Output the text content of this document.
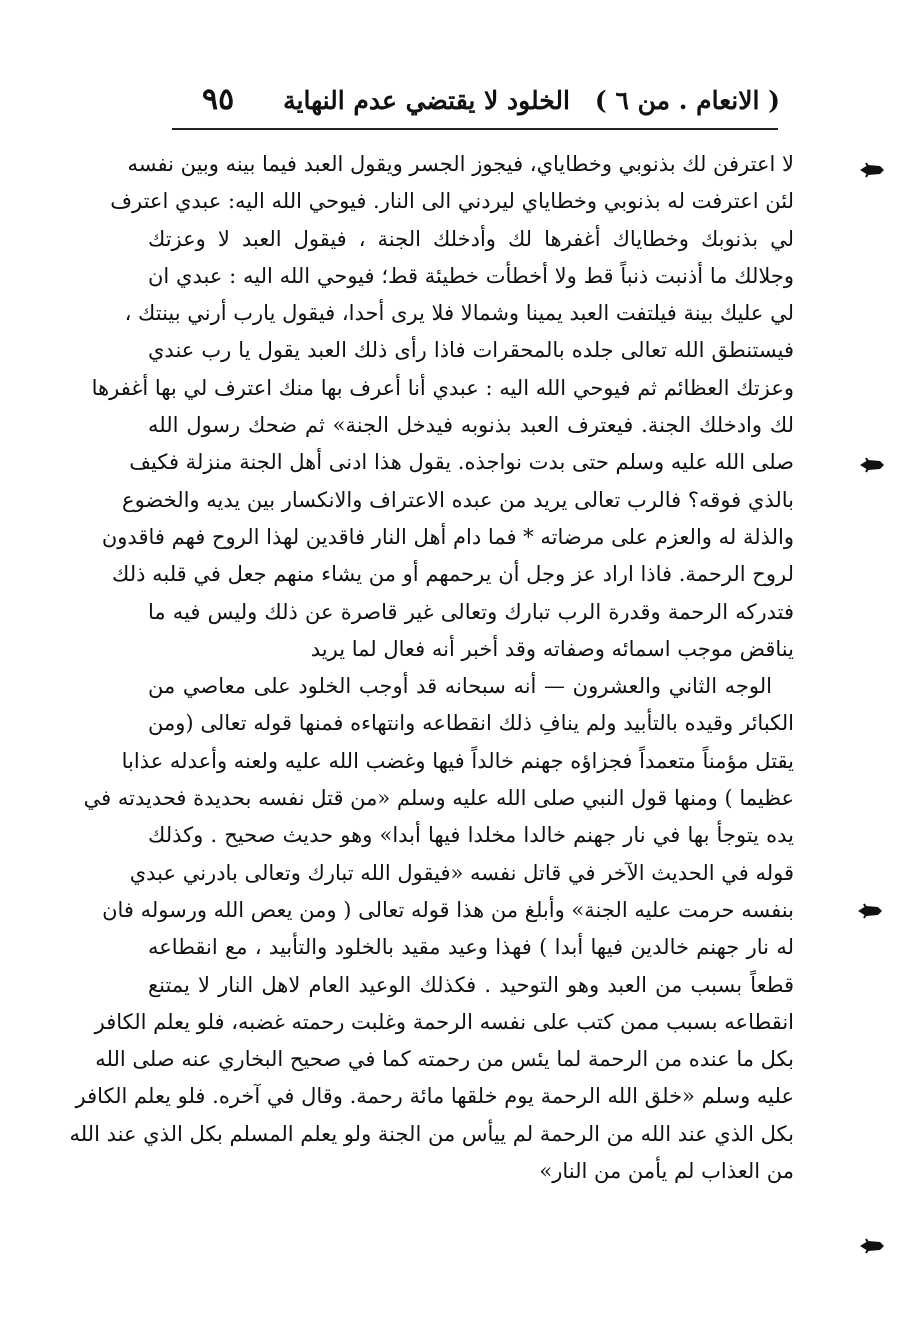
( الانعام . من ٦ )
الخلود لا يقتضي عدم النهاية
٩٥
لا اعترفن لك بذنوبي وخطاياي، فيجوز الجسر ويقول العبد فيما بينه وبين نفسه
لئن اعترفت له بذنوبي وخطاياي ليردني الى النار. فيوحي الله اليه: عبدي اعترف
لي بذنوبك وخطاياك أغفرها لك وأدخلك الجنة ، فيقول العبد لا وعزتك
وجلالك ما أذنبت ذنباً قط ولا أخطأت خطيئة قط؛ فيوحي الله اليه : عبدي ان
لي عليك بينة فيلتفت العبد يمينا وشمالا فلا يرى أحدا، فيقول يارب أرني بينتك ،
فيستنطق الله تعالى جلده بالمحقرات فاذا رأى ذلك العبد يقول يا رب عندي
وعزتك العظائم ثم فيوحي الله اليه : عبدي أنا أعرف بها منك اعترف لي بها أغفرها
لك وادخلك الجنة. فيعترف العبد بذنوبه فيدخل الجنة» ثم ضحك رسول الله
صلى الله عليه وسلم حتى بدت نواجذه. يقول هذا ادنى أهل الجنة منزلة فكيف
بالذي فوقه؟ فالرب تعالى يريد من عبده الاعتراف والانكسار بين يديه والخضوع
والذلة له والعزم على مرضاته * فما دام أهل النار فاقدين لهذا الروح فهم فاقدون
لروح الرحمة. فاذا اراد عز وجل أن يرحمهم أو من يشاء منهم جعل في قلبه ذلك
فتدركه الرحمة وقدرة الرب تبارك وتعالى غير قاصرة عن ذلك وليس فيه ما
يناقض موجب اسمائه وصفاته وقد أخبر أنه فعال لما يريد
الوجه الثاني والعشرون — أنه سبحانه قد أوجب الخلود على معاصي من
الكبائر وقيده بالتأبيد ولم ينافِ ذلك انقطاعه وانتهاءه فمنها قوله تعالى (ومن
يقتل مؤمناً متعمداً فجزاؤه جهنم خالداً فيها وغضب الله عليه ولعنه وأعدله عذابا
عظيما ) ومنها قول النبي صلى الله عليه وسلم «من قتل نفسه بحديدة فحديدته في
يده يتوجأ بها في نار جهنم خالدا مخلدا فيها أبدا» وهو حديث صحيح . وكذلك
قوله في الحديث الآخر في قاتل نفسه «فيقول الله تبارك وتعالى بادرني عبدي
بنفسه حرمت عليه الجنة» وأبلغ من هذا قوله تعالى ( ومن يعص الله ورسوله فان
له نار جهنم خالدين فيها أبدا ) فهذا وعيد مقيد بالخلود والتأبيد ، مع انقطاعه
قطعاً بسبب من العبد وهو التوحيد . فكذلك الوعيد العام لاهل النار لا يمتنع
انقطاعه بسبب ممن كتب على نفسه الرحمة وغلبت رحمته غضبه، فلو يعلم الكافر
بكل ما عنده من الرحمة لما يئس من رحمته كما في صحيح البخاري عنه صلى الله
عليه وسلم «خلق الله الرحمة يوم خلقها مائة رحمة. وقال في آخره. فلو يعلم الكافر
بكل الذي عند الله من الرحمة لم ييأس من الجنة ولو يعلم المسلم بكل الذي عند الله
من العذاب لم يأمن من النار»
